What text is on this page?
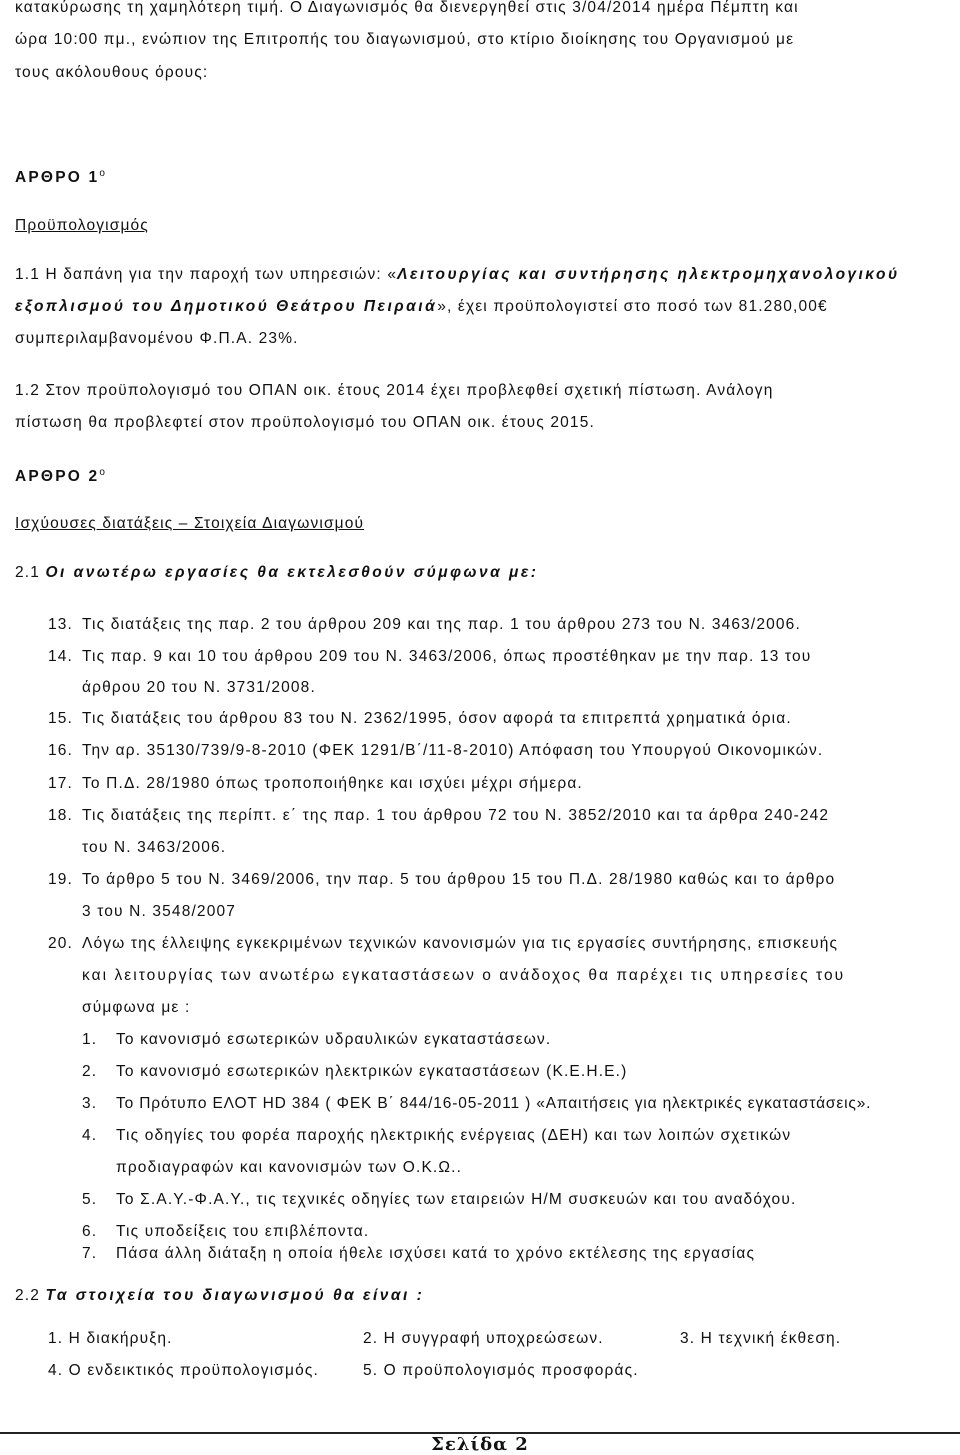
κατακύρωσης τη χαμηλότερη τιμή. Ο Διαγωνισμός θα διενεργηθεί στις 3/04/2014 ημέρα Πέμπτη και
ώρα 10:00 πμ., ενώπιον της Επιτροπής του διαγωνισμού, στο κτίριο διοίκησης του Οργανισμού με
τους ακόλουθους όρους:
ΑΡΘΡΟ $1^o$
Προϋπολογισμός
1.1 Η δαπάνη για την παροχή των υπηρεσιών: «Λειτουργίας και συντήρησης ηλεκτρομηχανολογικού
εξοπλισμού του Δημοτικού Θεάτρου Πειραιά», έχει προϋπολογιστεί στο ποσό των 81.280,00€
συμπεριλαμβανομένου Φ.Π.Α. 23%.
1.2 Στον προϋπολογισμό του ΟΠΑΝ οικ. έτους 2014 έχει προβλεφθεί σχετική πίστωση. Ανάλογη
πίστωση θα προβλεφτεί στον προϋπολογισμό του ΟΠΑΝ οικ. έτους 2015.
ΑΡΘΡΟ $2^o$
Ισχύουσες διατάξεις – Στοιχεία Διαγωνισμού
2.1 Οι ανωτέρω εργασίες θα εκτελεσθούν σύμφωνα με:
13. Τις διατάξεις της παρ. 2 του άρθρου 209 και της παρ. 1 του άρθρου 273 του Ν. 3463/2006.
14. Τις παρ. 9 και 10 του άρθρου 209 του Ν. 3463/2006, όπως προστέθηκαν με την παρ. 13 του
άρθρου 20 του Ν. 3731/2008.
15. Τις διατάξεις του άρθρου 83 του Ν. 2362/1995, όσον αφορά τα επιτρεπτά χρηματικά όρια.
16. Την αρ. 35130/739/9-8-2010 (ΦΕΚ 1291/Β΄/11-8-2010) Απόφαση του Υπουργού Οικονομικών.
17. Το Π.Δ. 28/1980 όπως τροποποιήθηκε και ισχύει μέχρι σήμερα.
18. Τις διατάξεις της περίπτ. ε΄ της παρ. 1 του άρθρου 72 του Ν. 3852/2010 και τα άρθρα 240-242
του Ν. 3463/2006.
19. Το άρθρο 5 του Ν. 3469/2006, την παρ. 5 του άρθρου 15 του Π.Δ. 28/1980 καθώς και το άρθρο
3 του Ν. 3548/2007
20. Λόγω της έλλειψης εγκεκριμένων τεχνικών κανονισμών για τις εργασίες συντήρησης, επισκευής
και λειτουργίας των ανωτέρω εγκαταστάσεων ο ανάδοχος θα παρέχει τις υπηρεσίες του
σύμφωνα με :
1. Το κανονισμό εσωτερικών υδραυλικών εγκαταστάσεων.
2. Το κανονισμό εσωτερικών ηλεκτρικών εγκαταστάσεων (Κ.Ε.Η.Ε.)
3. Το Πρότυπο ΕΛΟΤ HD 384 ( ΦΕΚ Β΄ 844/16-05-2011 ) «Απαιτήσεις για ηλεκτρικές εγκαταστάσεις».
4. Τις οδηγίες του φορέα παροχής ηλεκτρικής ενέργειας (ΔΕΗ) και των λοιπών σχετικών
προδιαγραφών και κανονισμών των Ο.Κ.Ω..
5. Το Σ.Α.Υ.-Φ.Α.Υ., τις τεχνικές οδηγίες των εταιρειών Η/Μ συσκευών και του αναδόχου.
6. Τις υποδείξεις του επιβλέποντα.
7. Πάσα άλλη διάταξη η οποία ήθελε ισχύσει κατά το χρόνο εκτέλεσης της εργασίας
2.2 Τα στοιχεία του διαγωνισμού θα είναι :
1. Η διακήρυξη.	2. Η συγγραφή υποχρεώσεων.	3. Η τεχνική έκθεση.
4. Ο ενδεικτικός προϋπολογισμός.	5. Ο προϋπολογισμός προσφοράς.
Σελίδα 2
